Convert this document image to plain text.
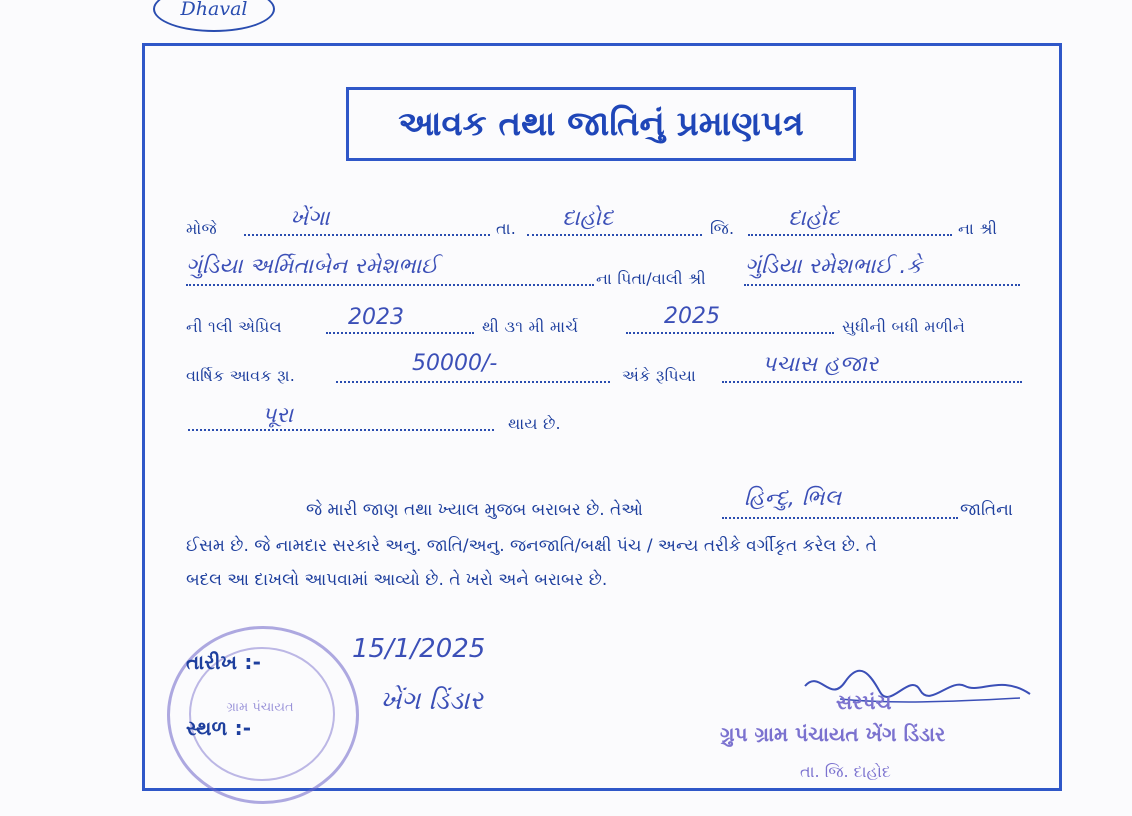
Dhaval
આવક તથા જાતિનું પ્રમાણપત્ર
મોજે	ખેંગા	તા. દાહોદ	જિ. દાહોદ	ના શ્રી
ગુંડિયા અર્મિતાબેન રમેશભાઈ	ના પિતા/વાલી શ્રી ગુંડિયા રમેશભાઈ .કે
ની ૧લી એપ્રિલ	2023	થી ૩૧ મી માર્ચ	2025	સુધીની બધી મળીને
વાર્ષિક આવક રૂા.	50000/-	અંકે રૂપિયા	પચાસ હજાર
પૂરા	થાય છે.
જે મારી જાણ તથા ખ્યાલ મુજબ બરાબર છે. તેઓ	હિન્દુ, ભિલ	જાતિના
ઈસમ છે. જે નામદાર સરકારે અનુ. જાતિ/અનુ. જનજાતિ/બક્ષી પંચ / અન્ય તરીકે વર્ગીકૃત કરેલ છે. તે
બદલ આ દાખલો આપવામાં આવ્યો છે. તે ખરો અને બરાબર છે.
ગ્રામ પંચાયત
તારીખ :-	15/1/2025
સ્થળ :-
ખેંગ ડિંડાર	સરપંચ
ગ્રુપ ગ્રામ પંચાયત ખેંગ ડિંડાર
તા. જિ. દાહોદ
